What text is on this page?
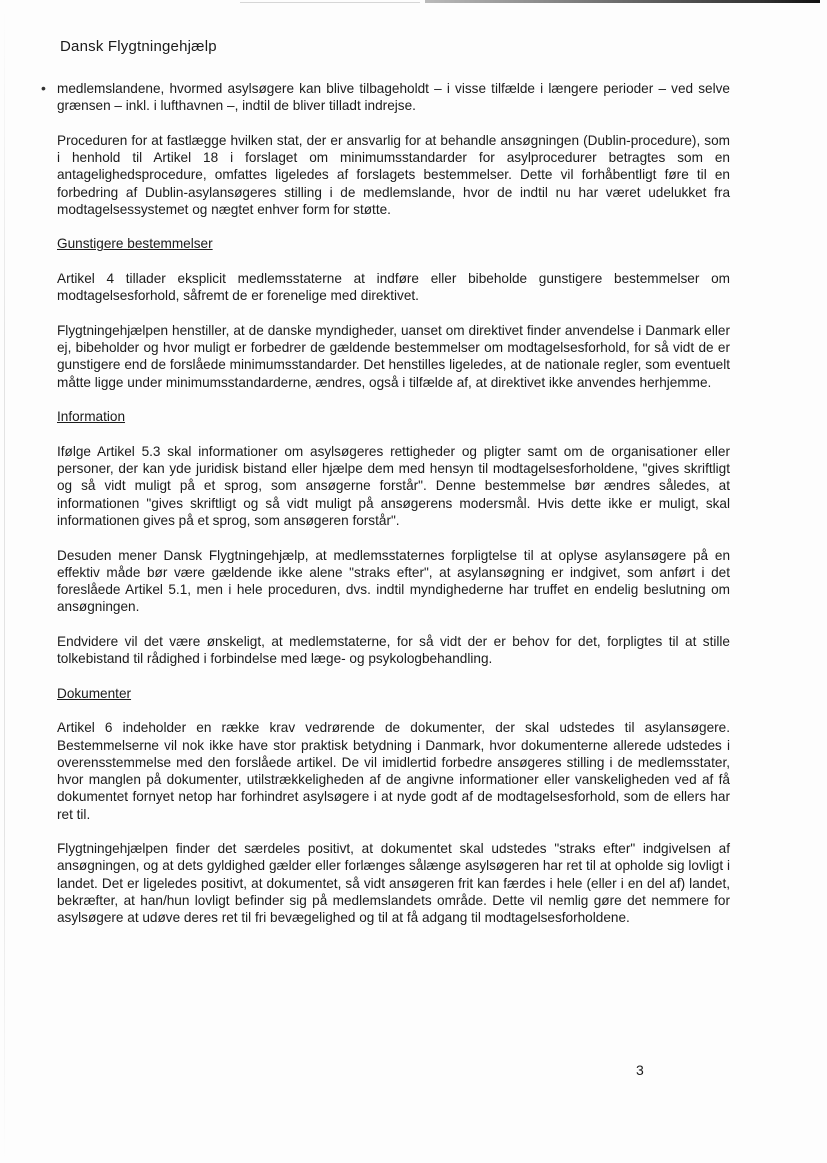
•
Dansk Flygtningehjælp

medlemslandene, hvormed asylsøgere kan blive tilbageholdt – i visse tilfælde i længere perioder – ved selve grænsen – inkl. i lufthavnen –, indtil de bliver tilladt indrejse.

Proceduren for at fastlægge hvilken stat, der er ansvarlig for at behandle ansøgningen (Dublin-procedure), som i henhold til Artikel 18 i forslaget om minimumsstandarder for asylprocedurer betragtes som en antagelighedsprocedure, omfattes ligeledes af forslagets bestemmelser. Dette vil forhåbentligt føre til en forbedring af Dublin-asylansøgeres stilling i de medlemslande, hvor de indtil nu har været udelukket fra modtagelsessystemet og nægtet enhver form for støtte.

Gunstigere bestemmelser

Artikel 4 tillader eksplicit medlemsstaterne at indføre eller bibeholde gunstigere bestemmelser om modtagelsesforhold, såfremt de er forenelige med direktivet.

Flygtningehjælpen henstiller, at de danske myndigheder, uanset om direktivet finder anvendelse i Danmark eller ej, bibeholder og hvor muligt er forbedrer de gældende bestemmelser om modtagelsesforhold, for så vidt de er gunstigere end de forslåede minimumsstandarder. Det henstilles ligeledes, at de nationale regler, som eventuelt måtte ligge under minimumsstandarderne, ændres, også i tilfælde af, at direktivet ikke anvendes herhjemme.

Information

Ifølge Artikel 5.3 skal informationer om asylsøgeres rettigheder og pligter samt om de organisationer eller personer, der kan yde juridisk bistand eller hjælpe dem med hensyn til modtagelsesforholdene, "gives skriftligt og så vidt muligt på et sprog, som ansøgerne forstår". Denne bestemmelse bør ændres således, at informationen "gives skriftligt og så vidt muligt på ansøgerens modersmål. Hvis dette ikke er muligt, skal informationen gives på et sprog, som ansøgeren forstår".

Desuden mener Dansk Flygtningehjælp, at medlemsstaternes forpligtelse til at oplyse asylansøgere på en effektiv måde bør være gældende ikke alene "straks efter", at asylansøgning er indgivet, som anført i det foreslåede Artikel 5.1, men i hele proceduren, dvs. indtil myndighederne har truffet en endelig beslutning om ansøgningen.

Endvidere vil det være ønskeligt, at medlemstaterne, for så vidt der er behov for det, forpligtes til at stille tolkebistand til rådighed i forbindelse med læge- og psykologbehandling.

Dokumenter

Artikel 6 indeholder en række krav vedrørende de dokumenter, der skal udstedes til asylansøgere. Bestemmelserne vil nok ikke have stor praktisk betydning i Danmark, hvor dokumenterne allerede udstedes i overensstemmelse med den forslåede artikel. De vil imidlertid forbedre ansøgeres stilling i de medlemsstater, hvor manglen på dokumenter, utilstrækkeligheden af de angivne informationer eller vanskeligheden ved af få dokumentet fornyet netop har forhindret asylsøgere i at nyde godt af de modtagelsesforhold, som de ellers har ret til.

Flygtningehjælpen finder det særdeles positivt, at dokumentet skal udstedes "straks efter" indgivelsen af ansøgningen, og at dets gyldighed gælder eller forlænges sålænge asylsøgeren har ret til at opholde sig lovligt i landet. Det er ligeledes positivt, at dokumentet, så vidt ansøgeren frit kan færdes i hele (eller i en del af) landet, bekræfter, at han/hun lovligt befinder sig på medlemslandets område. Dette vil nemlig gøre det nemmere for asylsøgere at udøve deres ret til fri bevægelighed og til at få adgang til modtagelsesforholdene.

3
